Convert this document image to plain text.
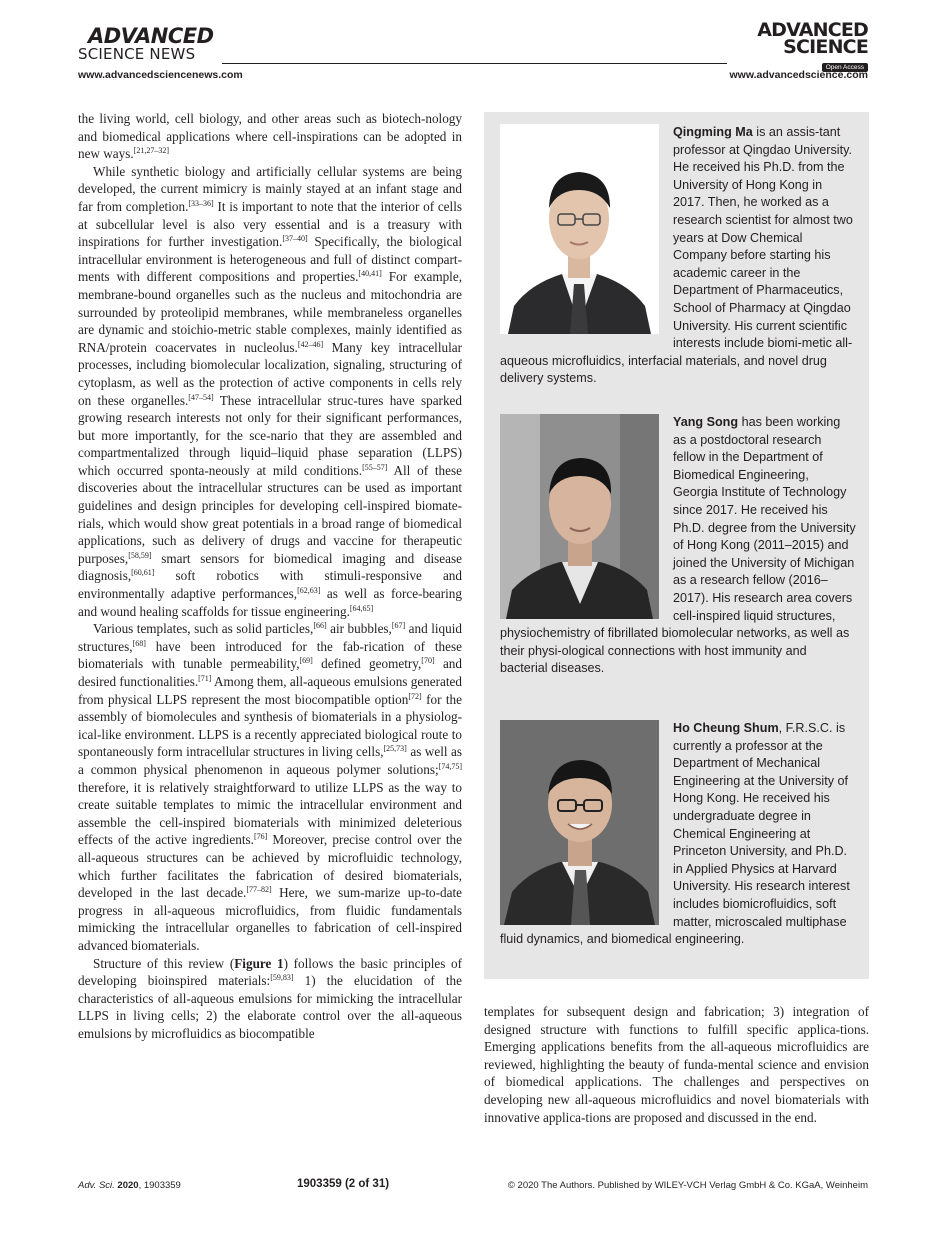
ADVANCED
SCIENCE NEWS
www.advancedsciencenews.com
ADVANCED
SCIENCE
Open Access
www.advancedscience.com

the living world, cell biology, and other areas such as biotech-nology and biomedical applications where cell-inspirations can be adopted in new ways.[21,27–32]

While synthetic biology and artificially cellular systems are being developed, the current mimicry is mainly stayed at an infant stage and far from completion.[33–36] It is important to note that the interior of cells at subcellular level is also very essential and is a treasury with inspirations for further investigation.[37–40] Specifically, the biological intracellular environment is heterogeneous and full of distinct compart-ments with different compositions and properties.[40,41] For example, membrane-bound organelles such as the nucleus and mitochondria are surrounded by proteolipid membranes, while membraneless organelles are dynamic and stoichio-metric stable complexes, mainly identified as RNA/protein coacervates in nucleolus.[42–46] Many key intracellular processes, including biomolecular localization, signaling, structuring of cytoplasm, as well as the protection of active components in cells rely on these organelles.[47–54] These intracellular struc-tures have sparked growing research interests not only for their significant performances, but more importantly, for the sce-nario that they are assembled and compartmentalized through liquid–liquid phase separation (LLPS) which occurred sponta-neously at mild conditions.[55–57] All of these discoveries about the intracellular structures can be used as important guidelines and design principles for developing cell-inspired biomate-rials, which would show great potentials in a broad range of biomedical applications, such as delivery of drugs and vaccine for therapeutic purposes,[58,59] smart sensors for biomedical imaging and disease diagnosis,[60,61] soft robotics with stimuli-responsive and environmentally adaptive performances,[62,63] as well as force-bearing and wound healing scaffolds for tissue engineering.[64,65]

Various templates, such as solid particles,[66] air bubbles,[67] and liquid structures,[68] have been introduced for the fab-rication of these biomaterials with tunable permeability,[69] defined geometry,[70] and desired functionalities.[71] Among them, all-aqueous emulsions generated from physical LLPS represent the most biocompatible option[72] for the assembly of biomolecules and synthesis of biomaterials in a physiolog-ical-like environment. LLPS is a recently appreciated biological route to spontaneously form intracellular structures in living cells,[25,73] as well as a common physical phenomenon in aqueous polymer solutions;[74,75] therefore, it is relatively straightforward to utilize LLPS as the way to create suitable templates to mimic the intracellular environment and assemble the cell-inspired biomaterials with minimized deleterious effects of the active ingredients.[76] Moreover, precise control over the all-aqueous structures can be achieved by microfluidic technology, which further facilitates the fabrication of desired biomaterials, developed in the last decade.[77–82] Here, we sum-marize up-to-date progress in all-aqueous microfluidics, from fluidic fundamentals mimicking the intracellular organelles to fabrication of cell-inspired advanced biomaterials.

Structure of this review (Figure 1) follows the basic principles of developing bioinspired materials:[59,83] 1) the elucidation of the characteristics of all-aqueous emulsions for mimicking the intracellular LLPS in living cells; 2) the elaborate control over the all-aqueous emulsions by microfluidics as biocompatible

Qingming Ma is an assis-tant professor at Qingdao University. He received his Ph.D. from the University of Hong Kong in 2017. Then, he worked as a research scientist for almost two years at Dow Chemical Company before starting his academic career in the Department of Pharmaceutics, School of Pharmacy at Qingdao University. His current scientific interests include biomi-metic all-aqueous microfluidics, interfacial materials, and novel drug delivery systems.
Yang Song has been working as a postdoctoral research fellow in the Department of Biomedical Engineering, Georgia Institute of Technology since 2017. He received his Ph.D. degree from the University of Hong Kong (2011–2015) and joined the University of Michigan as a research fellow (2016–2017). His research area covers cell-inspired liquid structures, physiochemistry of fibrillated biomolecular networks, as well as their physi-ological connections with host immunity and bacterial diseases.
Ho Cheung Shum, F.R.S.C. is currently a professor at the Department of Mechanical Engineering at the University of Hong Kong. He received his undergraduate degree in Chemical Engineering at Princeton University, and Ph.D. in Applied Physics at Harvard University. His research interest includes biomicrofluidics, soft matter, microscaled multiphase fluid dynamics, and biomedical engineering.

templates for subsequent design and fabrication; 3) integration of designed structure with functions to fulfill specific applica-tions. Emerging applications benefits from the all-aqueous microfluidics are reviewed, highlighting the beauty of funda-mental science and envision of biomedical applications. The challenges and perspectives on developing new all-aqueous microfluidics and novel biomaterials with innovative applica-tions are proposed and discussed in the end.

Adv. Sci. 2020, 1903359	1903359 (2 of 31)	© 2020 The Authors. Published by WILEY-VCH Verlag GmbH & Co. KGaA, Weinheim
